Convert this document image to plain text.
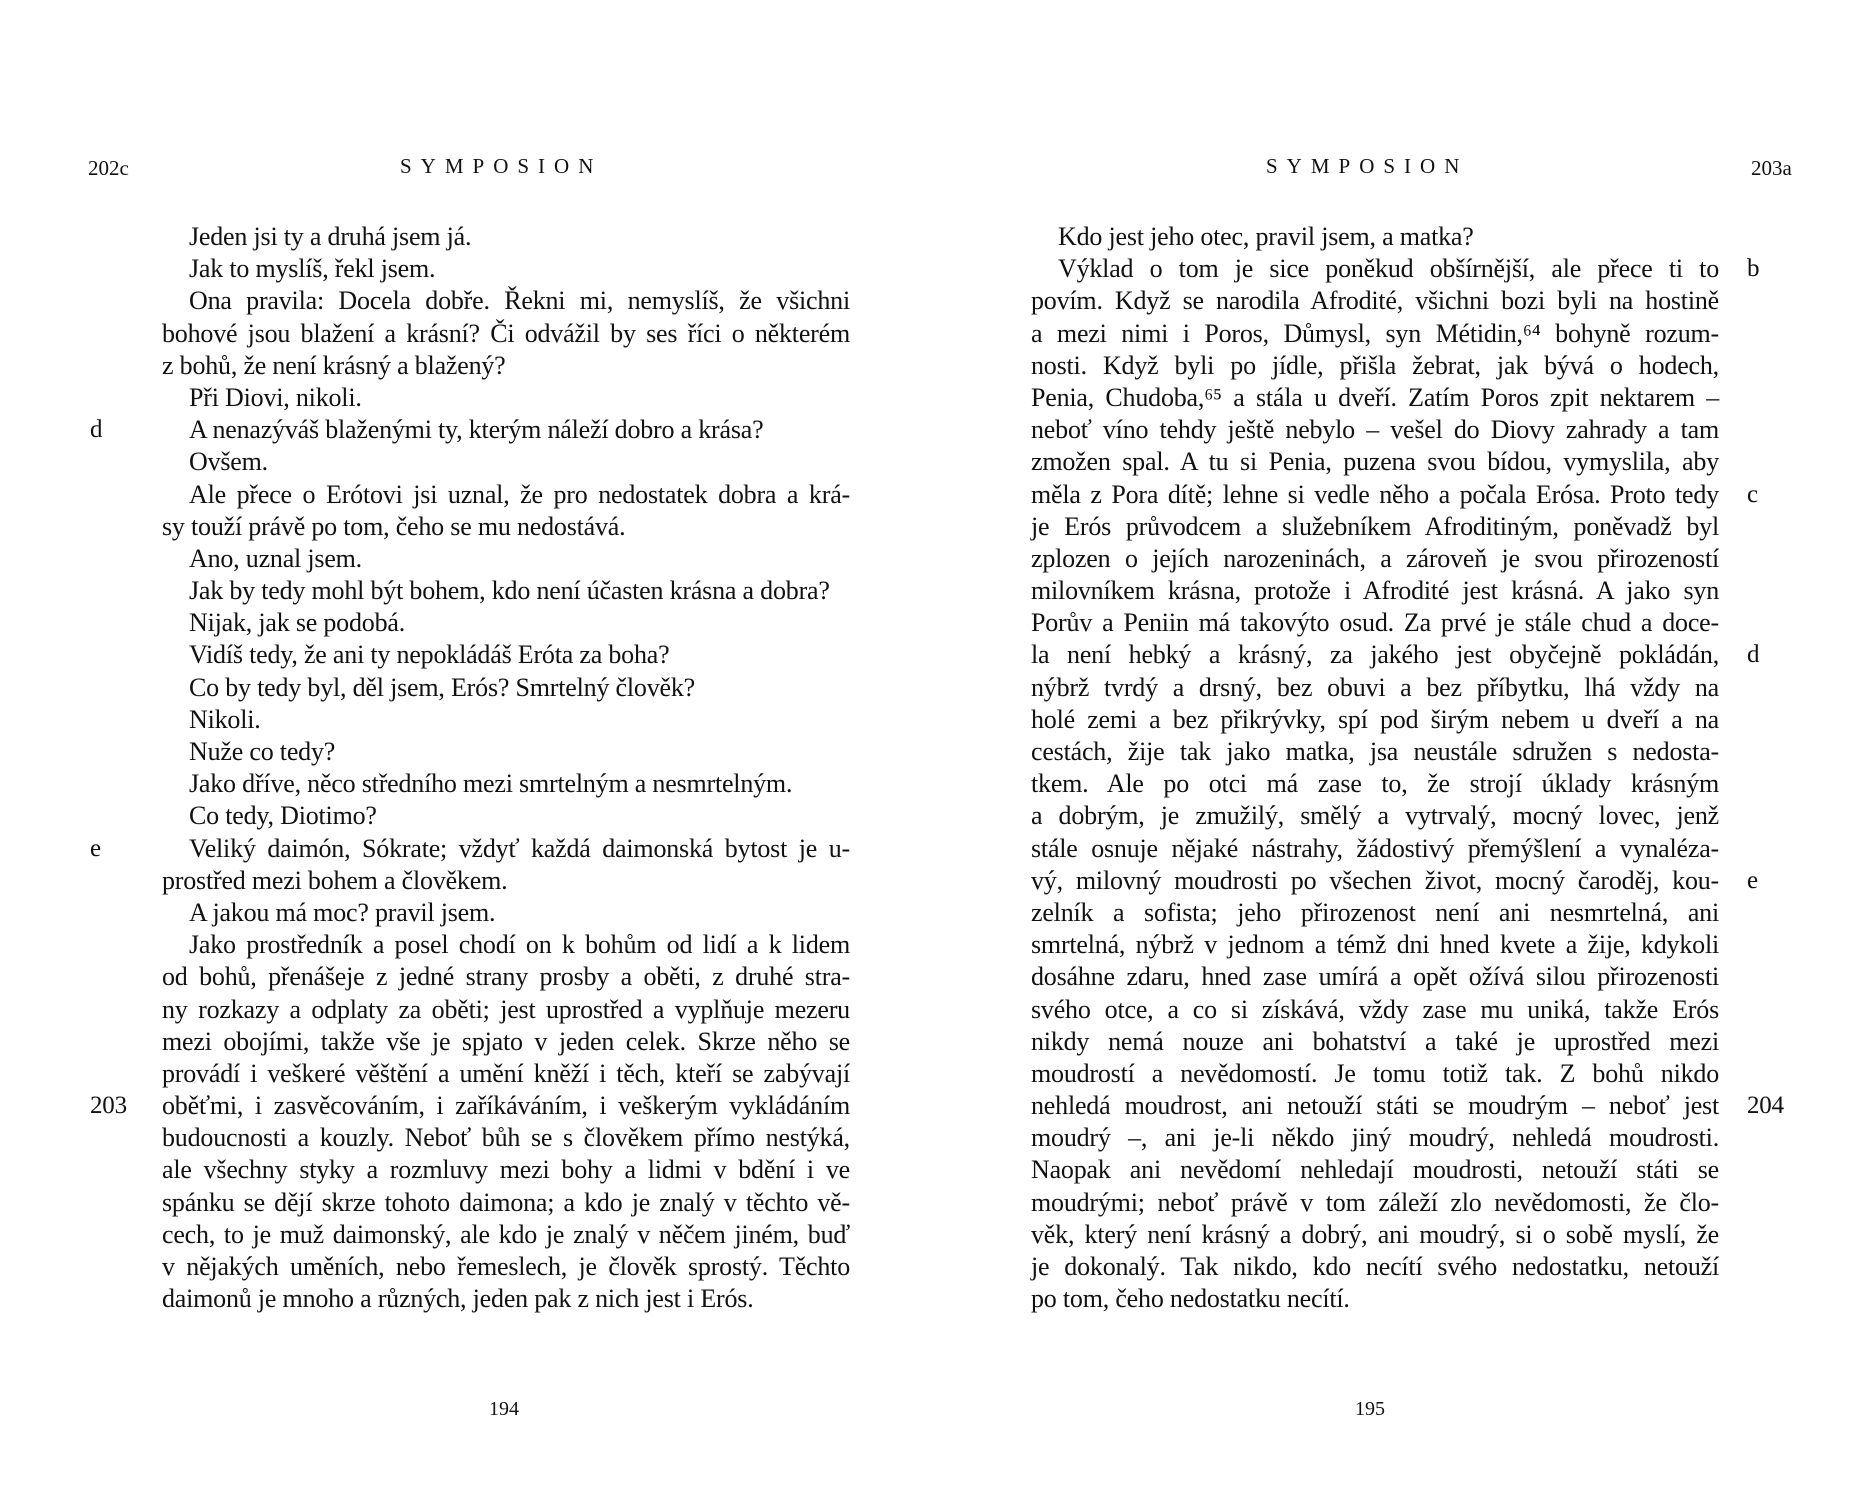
202c	SYMPOSION
Jeden jsi ty a druhá jsem já.
Jak to myslíš, řekl jsem.
Ona pravila: Docela dobře. Řekni mi, nemyslíš, že všichni
bohové jsou blažení a krásní? Či odvážil by ses říci o některém
z bohů, že není krásný a blažený?
Při Diovi, nikoli.
A nenazýváš blaženými ty, kterým náleží dobro a krása?
d
Ovšem.
Ale přece o Erótovi jsi uznal, že pro nedostatek dobra a krá-
sy touží právě po tom, čeho se mu nedostává.
Ano, uznal jsem.
Jak by tedy mohl být bohem, kdo není účasten krásna a dobra?
Nijak, jak se podobá.
Vidíš tedy, že ani ty nepokládáš Eróta za boha?
Co by tedy byl, děl jsem, Erós? Smrtelný člověk?
Nikoli.
Nuže co tedy?
Jako dříve, něco středního mezi smrtelným a nesmrtelným.
Co tedy, Diotimo?
Veliký daimón, Sókrate; vždyť každá daimonská bytost je u-
e
prostřed mezi bohem a člověkem.
A jakou má moc? pravil jsem.
Jako prostředník a posel chodí on k bohům od lidí a k lidem
od bohů, přenášeje z jedné strany prosby a oběti, z druhé stra-
ny rozkazy a odplaty za oběti; jest uprostřed a vyplňuje mezeru
mezi obojími, takže vše je spjato v jeden celek. Skrze něho se
provádí i veškeré věštění a umění kněží i těch, kteří se zabývají
oběťmi, i zasvěcováním, i zaříkáváním, i veškerým vykládáním
203
budoucnosti a kouzly. Neboť bůh se s člověkem přímo nestýká,
ale všechny styky a rozmluvy mezi bohy a lidmi v bdění i ve
spánku se dějí skrze tohoto daimona; a kdo je znalý v těchto vě-
cech, to je muž daimonský, ale kdo je znalý v něčem jiném, buď
v nějakých uměních, nebo řemeslech, je člověk sprostý. Těchto
daimonů je mnoho a různých, jeden pak z nich jest i Erós.
194
SYMPOSION	203a
Kdo jest jeho otec, pravil jsem, a matka?
Výklad o tom je sice poněkud obšírnější, ale přece ti to b
povím. Když se narodila Afrodité, všichni bozi byli na hostině
a mezi nimi i Poros, Důmysl, syn Métidin,⁶⁴ bohyně rozum-
nosti. Když byli po jídle, přišla žebrat, jak bývá o hodech,
Penia, Chudoba,⁶⁵ a stála u dveří. Zatím Poros zpit nektarem –
neboť víno tehdy ještě nebylo – vešel do Diovy zahrady a tam
zmožen spal. A tu si Penia, puzena svou bídou, vymyslila, aby
měla z Pora dítě; lehne si vedle něho a počala Erósa. Proto tedy c
je Erós průvodcem a služebníkem Afroditiným, poněvadž byl
zplozen o jejích narozeninách, a zároveň je svou přirozeností
milovníkem krásna, protože i Afrodité jest krásná. A jako syn
Porův a Peniin má takovýto osud. Za prvé je stále chud a doce-
la není hebký a krásný, za jakého jest obyčejně pokládán, d
nýbrž tvrdý a drsný, bez obuvi a bez příbytku, lhá vždy na
holé zemi a bez přikrývky, spí pod širým nebem u dveří a na
cestách, žije tak jako matka, jsa neustále sdružen s nedosta-
tkem. Ale po otci má zase to, že strojí úklady krásným
a dobrým, je zmužilý, smělý a vytrvalý, mocný lovec, jenž
stále osnuje nějaké nástrahy, žádostivý přemýšlení a vynaléza-
vý, milovný moudrosti po všechen život, mocný čaroděj, kou- e
zelník a sofista; jeho přirozenost není ani nesmrtelná, ani
smrtelná, nýbrž v jednom a témž dni hned kvete a žije, kdykoli
dosáhne zdaru, hned zase umírá a opět ožívá silou přirozenosti
svého otce, a co si získává, vždy zase mu uniká, takže Erós
nikdy nemá nouze ani bohatství a také je uprostřed mezi
moudrostí a nevědomostí. Je tomu totiž tak. Z bohů nikdo
nehledá moudrost, ani netouží státi se moudrým – neboť jest 204
moudrý –, ani je-li někdo jiný moudrý, nehledá moudrosti.
Naopak ani nevědomí nehledají moudrosti, netouží státi se
moudrými; neboť právě v tom záleží zlo nevědomosti, že člo-
věk, který není krásný a dobrý, ani moudrý, si o sobě myslí, že
je dokonalý. Tak nikdo, kdo necítí svého nedostatku, netouží
po tom, čeho nedostatku necítí.
195
